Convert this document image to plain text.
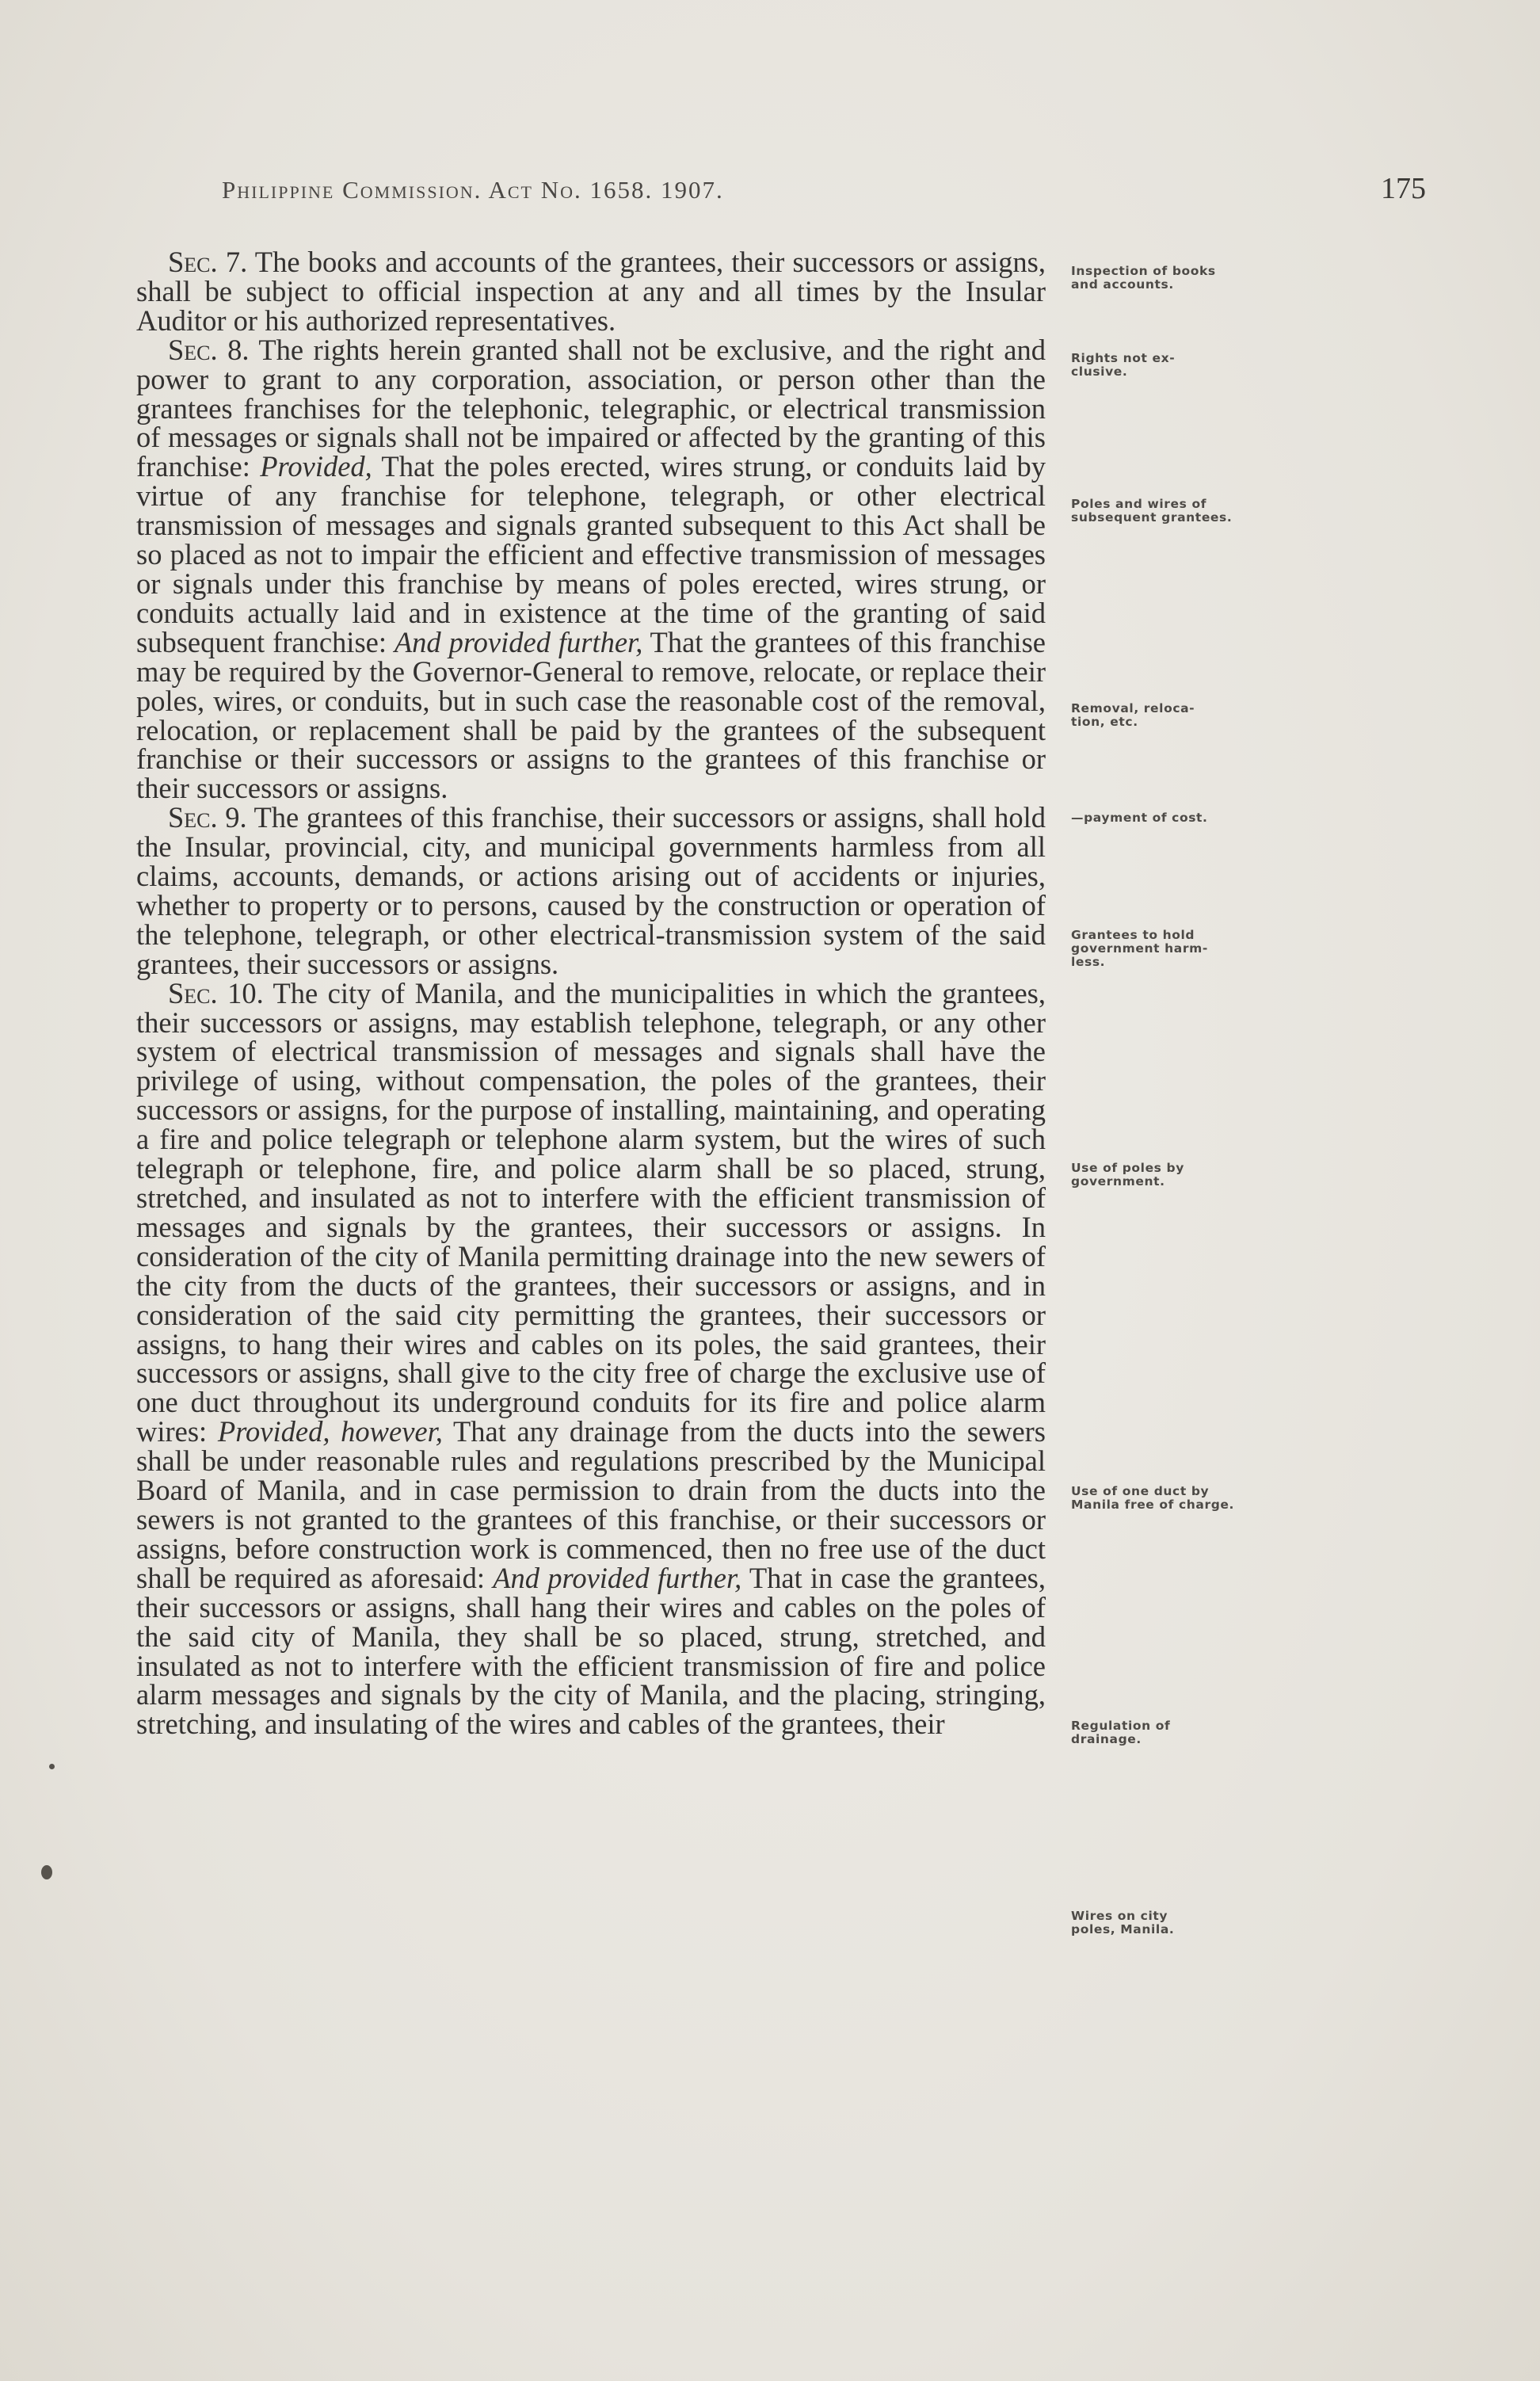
Philippine Commission. Act No. 1658. 1907.	175

Sec. 7. The books and accounts of the grantees, their successors or assigns, shall be subject to official inspection at any and all times by the Insular Auditor or his authorized representatives.

Sec. 8. The rights herein granted shall not be exclusive, and the right and power to grant to any corporation, association, or person other than the grantees franchises for the telephonic, telegraphic, or electrical transmission of messages or signals shall not be impaired or affected by the granting of this franchise: Provided, That the poles erected, wires strung, or conduits laid by virtue of any franchise for telephone, telegraph, or other electrical transmission of messages and signals granted subsequent to this Act shall be so placed as not to impair the efficient and effective transmission of messages or signals under this franchise by means of poles erected, wires strung, or conduits actually laid and in existence at the time of the granting of said subsequent franchise: And provided further, That the grantees of this franchise may be required by the Governor-General to remove, relocate, or replace their poles, wires, or conduits, but in such case the reasonable cost of the removal, relocation, or replacement shall be paid by the grantees of the subsequent franchise or their successors or assigns to the grantees of this franchise or their successors or assigns.

Sec. 9. The grantees of this franchise, their successors or assigns, shall hold the Insular, provincial, city, and municipal governments harmless from all claims, accounts, demands, or actions arising out of accidents or injuries, whether to property or to persons, caused by the construction or operation of the telephone, telegraph, or other electrical-transmission system of the said grantees, their successors or assigns.

Sec. 10. The city of Manila, and the municipalities in which the grantees, their successors or assigns, may establish telephone, telegraph, or any other system of electrical transmission of messages and signals shall have the privilege of using, without compensation, the poles of the grantees, their successors or assigns, for the purpose of installing, maintaining, and operating a fire and police telegraph or telephone alarm system, but the wires of such telegraph or telephone, fire, and police alarm shall be so placed, strung, stretched, and insulated as not to interfere with the efficient transmission of messages and signals by the grantees, their successors or assigns. In consideration of the city of Manila permitting drainage into the new sewers of the city from the ducts of the grantees, their successors or assigns, and in consideration of the said city permitting the grantees, their successors or assigns, to hang their wires and cables on its poles, the said grantees, their successors or assigns, shall give to the city free of charge the exclusive use of one duct throughout its underground conduits for its fire and police alarm wires: Provided, however, That any drainage from the ducts into the sewers shall be under reasonable rules and regulations prescribed by the Municipal Board of Manila, and in case permission to drain from the ducts into the sewers is not granted to the grantees of this franchise, or their successors or assigns, before construction work is commenced, then no free use of the duct shall be required as aforesaid: And provided further, That in case the grantees, their successors or assigns, shall hang their wires and cables on the poles of the said city of Manila, they shall be so placed, strung, stretched, and insulated as not to interfere with the efficient transmission of fire and police alarm messages and signals by the city of Manila, and the placing, stringing, stretching, and insulating of the wires and cables of the grantees, their

Inspection of books
and accounts.
Rights not ex-
clusive.
Poles and wires of
subsequent grantees.
Removal, reloca-
tion, etc.
—payment of cost.
Grantees to hold
government harm-
less.
Use of poles by
government.
Use of one duct by
Manila free of charge.
Regulation of
drainage.
Wires on city
poles, Manila.
